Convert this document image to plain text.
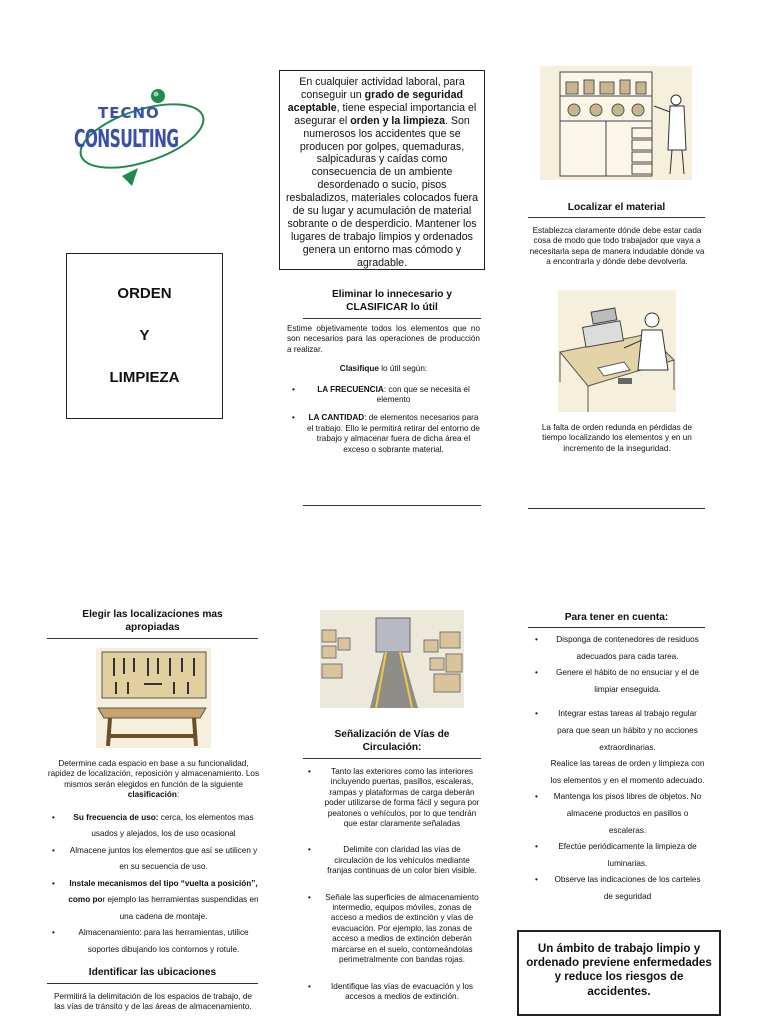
TECNO
CONSULTING
ORDEN
Y
LIMPIEZA
En cualquier actividad laboral, para conseguir un grado de seguridad aceptable, tiene especial importancia el asegurar el orden y la limpieza. Son numerosos los accidentes que se producen por golpes, quemaduras, salpicaduras y caídas como consecuencia de un ambiente desordenado o sucio, pisos resbaladizos, materiales colocados fuera de su lugar y acumulación de material sobrante o de desperdicio. Mantener los lugares de trabajo limpios y ordenados genera un entorno mas cómodo y agradable.
Eliminar lo innecesario y CLASIFICAR lo útil

Estime objetivamente todos los elementos que no son necesarios para las operaciones de producción a realizar.

Clasifique lo útil según:

• LA FRECUENCIA: con que se necesita el elemento
• LA CANTIDAD: de elementos necesarios para el trabajo. Ello le permitirá retirar del entorno de trabajo y almacenar fuera de dicha área el exceso o sobrante material.
Localizar el material
Establezca claramente dónde debe estar cada cosa de modo que todo trabajador que vaya a necesitarla sepa de manera indudable dónde va a encontrarla y dónde debe devolverla.
La falta de orden redunda en pérdidas de tiempo localizando los elementos y en un incremento de la inseguridad.
Elegir las localizaciones mas apropiadas

Determine cada espacio en base a su funcionalidad, rapidez de localización, reposición y almacenamiento. Los mismos serán elegidos en función de la siguiente clasificación:

• Su frecuencia de uso: cerca, los elementos mas usados y alejados, los de uso ocasional
• Almacene juntos los elementos que así se utilicen y en su secuencia de uso.
• Instale mecanismos del tipo “vuelta a posición”, como por ejemplo las herramientas suspendidas en una cadena de montaje.
• Almacenamiento: para las herramientas, utilice soportes dibujando los contornos y rotule.
Identificar las ubicaciones
Permitirá la delimitación de los espacios de trabajo, de las vías de tránsito y de las áreas de almacenamiento.
Señalización de Vías de Circulación:
• Tanto las exteriores como las interiores incluyendo puertas, pasillos, escaleras, rampas y plataformas de carga deberán poder utilizarse de forma fácil y segura por peatones o vehículos, por lo que tendrán que estar claramente señaladas
• Delimite con claridad las vías de circulación de los vehículos mediante franjas continuas de un color bien visible.
• Señale las superficies de almacenamiento intermedio, equipos móviles, zonas de acceso a medios de extinción y vías de evacuación. Por ejemplo, las zonas de acceso a medios de extinción deberán marcarse en el suelo, contorneándolas perimetralmente con bandas rojas.
• Identifique las vías de evacuación y los accesos a medios de extinción.
Para tener en cuenta:
• Disponga de contenedores de residuos adecuados para cada tarea.
• Genere el hábito de no ensuciar y el de limpiar enseguida.
• Integrar estas tareas al trabajo regular para que sean un hábito y no acciones extraordinarias.

Realice las tareas de orden y limpieza con los elementos y en el momento adecuado.

• Mantenga los pisos libres de objetos. No almacene productos en pasillos o escaleras.
• Efectúe periódicamente la limpieza de luminarias.
• Observe las indicaciones de los carteles de seguridad
Un ámbito de trabajo limpio y ordenado previene enfermedades y reduce los riesgos de accidentes.
